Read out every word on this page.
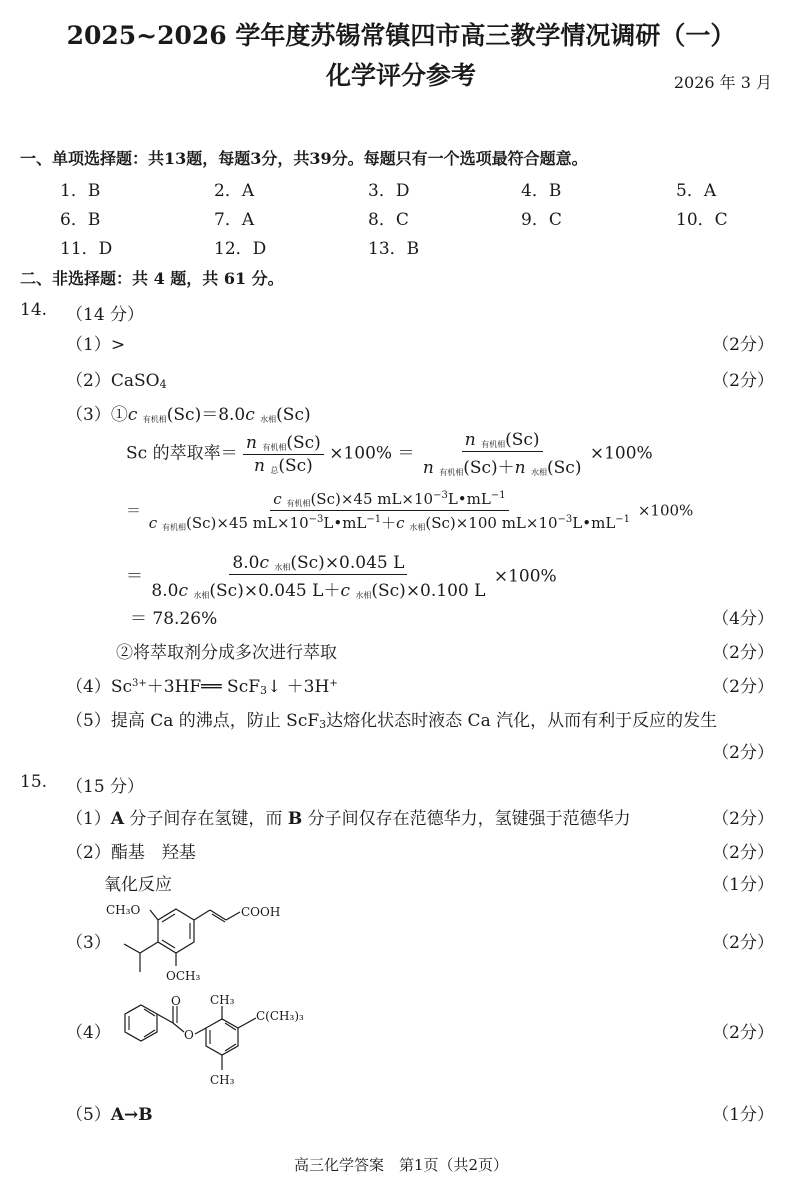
2025~2026 学年度苏锡常镇四市高三教学情况调研（一）
化学评分参考	2026 年 3 月
一、单项选择题：共13题，每题3分，共39分。每题只有一个选项最符合题意。
1．B	2．A	3．D	4．B	5．A
6．B	7．A	8．C	9．C	10．C
11．D	12．D	13．B
二、非选择题：共 4 题，共 61 分。
14. （14 分）
（1）>	（2分）
（2）CaSO4	（2分）
（3）①c $_{有机相}$(Sc)＝8.0c $_{水相}$(Sc)
Sc 的萃取率＝ $\frac{n _{有机相}(Sc)}{n _总(Sc)} \times 100\% = \frac{n _{有机相}(Sc)}{n _{有机相}(Sc)+n _{水相}(Sc)} \times 100\%$
＝ $\frac{c _{有机相}(Sc)\times 45 mL\times 10^{-3}L•mL^{-1}}{c _{有机相}(Sc)\times 45 mL\times 10^{-3}L•mL^{-1}+c _{水相}(Sc)\times 100 mL\times 10^{-3}L•mL^{-1}} \times 100\%$
＝ $\frac{8.0c _{水相}(Sc)\times 0.045 L}{8.0c _{水相}(Sc)\times 0.045 L+c _{水相}(Sc)\times 0.100 L} \times 100\%$
＝ 78.26%	（4分）
②将萃取剂分成多次进行萃取	（2分）
$(4)Sc^{3+}+3HF══$ ScF3↓ ＋3H+	（2分）
（5）提高 Ca 的沸点，防止 ScF3达熔化状态时液态 Ca 汽化，从而有利于反应的发生
（2分）
15. （15 分）
（1）A 分子间存在氢键，而 B 分子间仅存在范德华力，氢键强于范德华力	（2分）
（2）酯基　羟基	（2分）
氧化反应	（1分）
（3）	（2分）
CH₃O
OCH₃
COOH
（4）	（2分）
O
O
CH₃
CH₃
C(CH₃)₃
（5）A→B	（1分）
高三化学答案　第1页（共2页）
